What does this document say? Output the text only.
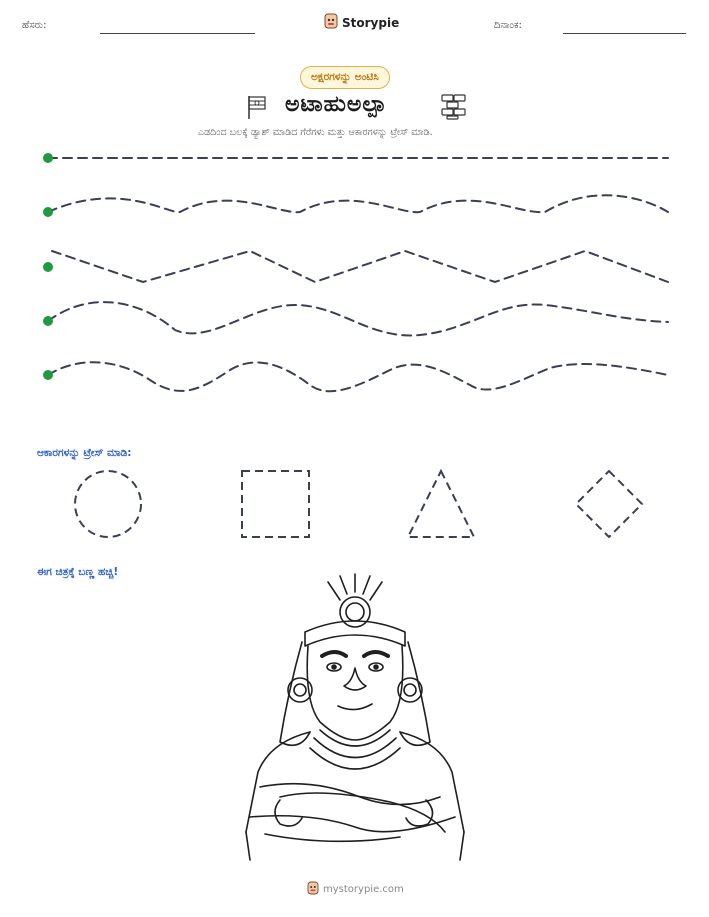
ಹೆಸರು:	Storypie	ದಿನಾಂಕ:
ಅಕ್ಷರಗಳನ್ನು ಅಂಟಿಸಿ
ಅಟಾಹುಅಲ್ಪಾ
ಎಡದಿಂದ ಬಲಕ್ಕೆ ಡ್ಯಾಶ್ ಮಾಡಿದ ಗೆರೆಗಳು ಮತ್ತು ಆಕಾರಗಳನ್ನು ಟ್ರೇಸ್ ಮಾಡಿ.
ಆಕಾರಗಳನ್ನು ಟ್ರೇಸ್ ಮಾಡಿ:
ಈಗ ಚಿತ್ರಕ್ಕೆ ಬಣ್ಣ ಹಚ್ಚಿ!
mystorypie.com
